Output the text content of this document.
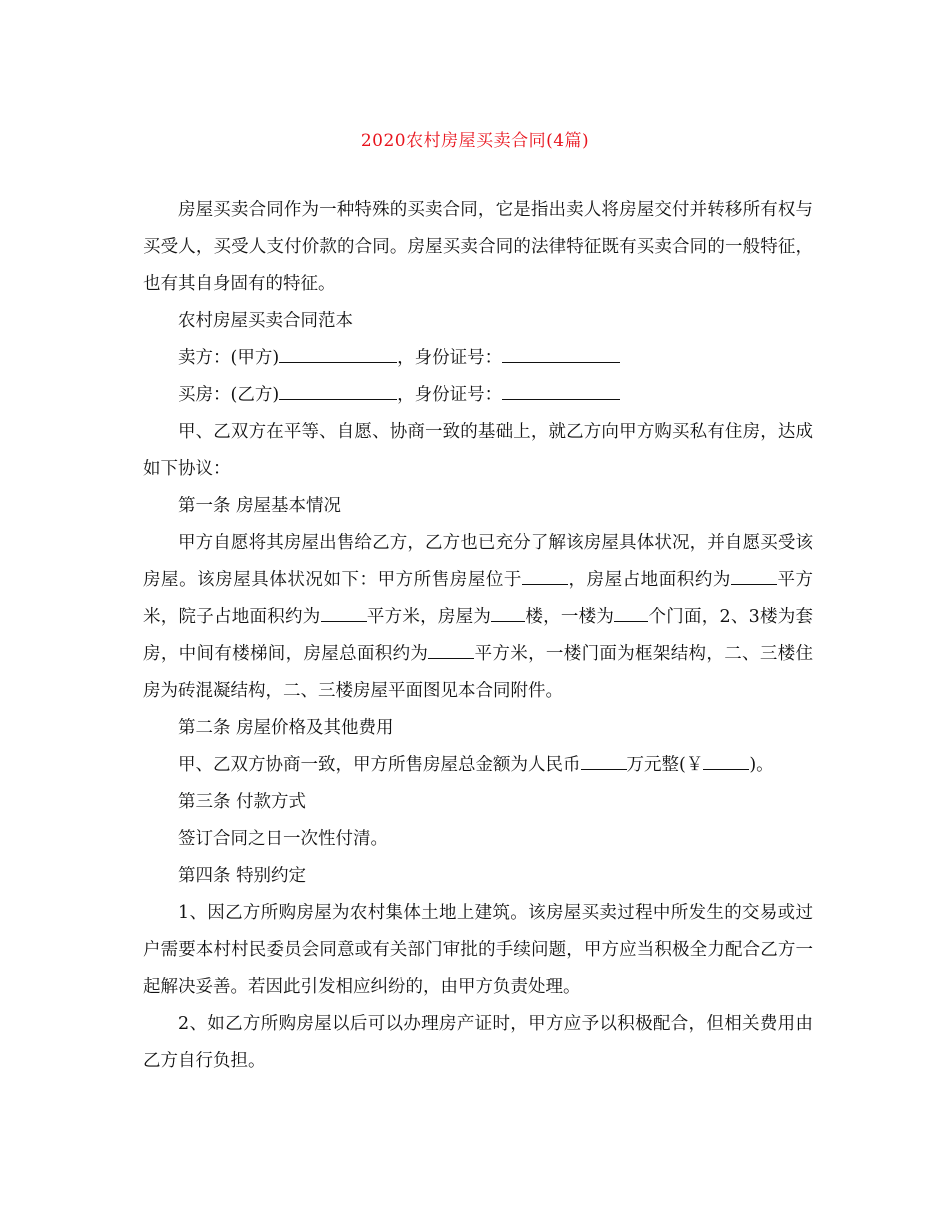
2020农村房屋买卖合同(4篇)

房屋买卖合同作为一种特殊的买卖合同，它是指出卖人将房屋交付并转移所有权与买受人，买受人支付价款的合同。房屋买卖合同的法律特征既有买卖合同的一般特征，也有其自身固有的特征。

农村房屋买卖合同范本

卖方：(甲方)	，身份证号：

买房：(乙方)	，身份证号：

甲、乙双方在平等、自愿、协商一致的基础上，就乙方向甲方购买私有住房，达成如下协议：

第一条 房屋基本情况

甲方自愿将其房屋出售给乙方，乙方也已充分了解该房屋具体状况，并自愿买受该房屋。该房屋具体状况如下：甲方所售房屋位于	，房屋占地面积约为	平方米，院子占地面积约为	平方米，房屋为 楼，一楼为 个门面，2、3楼为套房，中间有楼梯间，房屋总面积约为	平方米，一楼门面为框架结构，二、三楼住房为砖混凝结构，二、三楼房屋平面图见本合同附件。

第二条 房屋价格及其他费用

甲、乙双方协商一致，甲方所售房屋总金额为人民币	万元整(￥	)。

第三条 付款方式

签订合同之日一次性付清。

第四条 特别约定

1、因乙方所购房屋为农村集体土地上建筑。该房屋买卖过程中所发生的交易或过户需要本村村民委员会同意或有关部门审批的手续问题，甲方应当积极全力配合乙方一起解决妥善。若因此引发相应纠纷的，由甲方负责处理。

2、如乙方所购房屋以后可以办理房产证时，甲方应予以积极配合，但相关费用由乙方自行负担。
